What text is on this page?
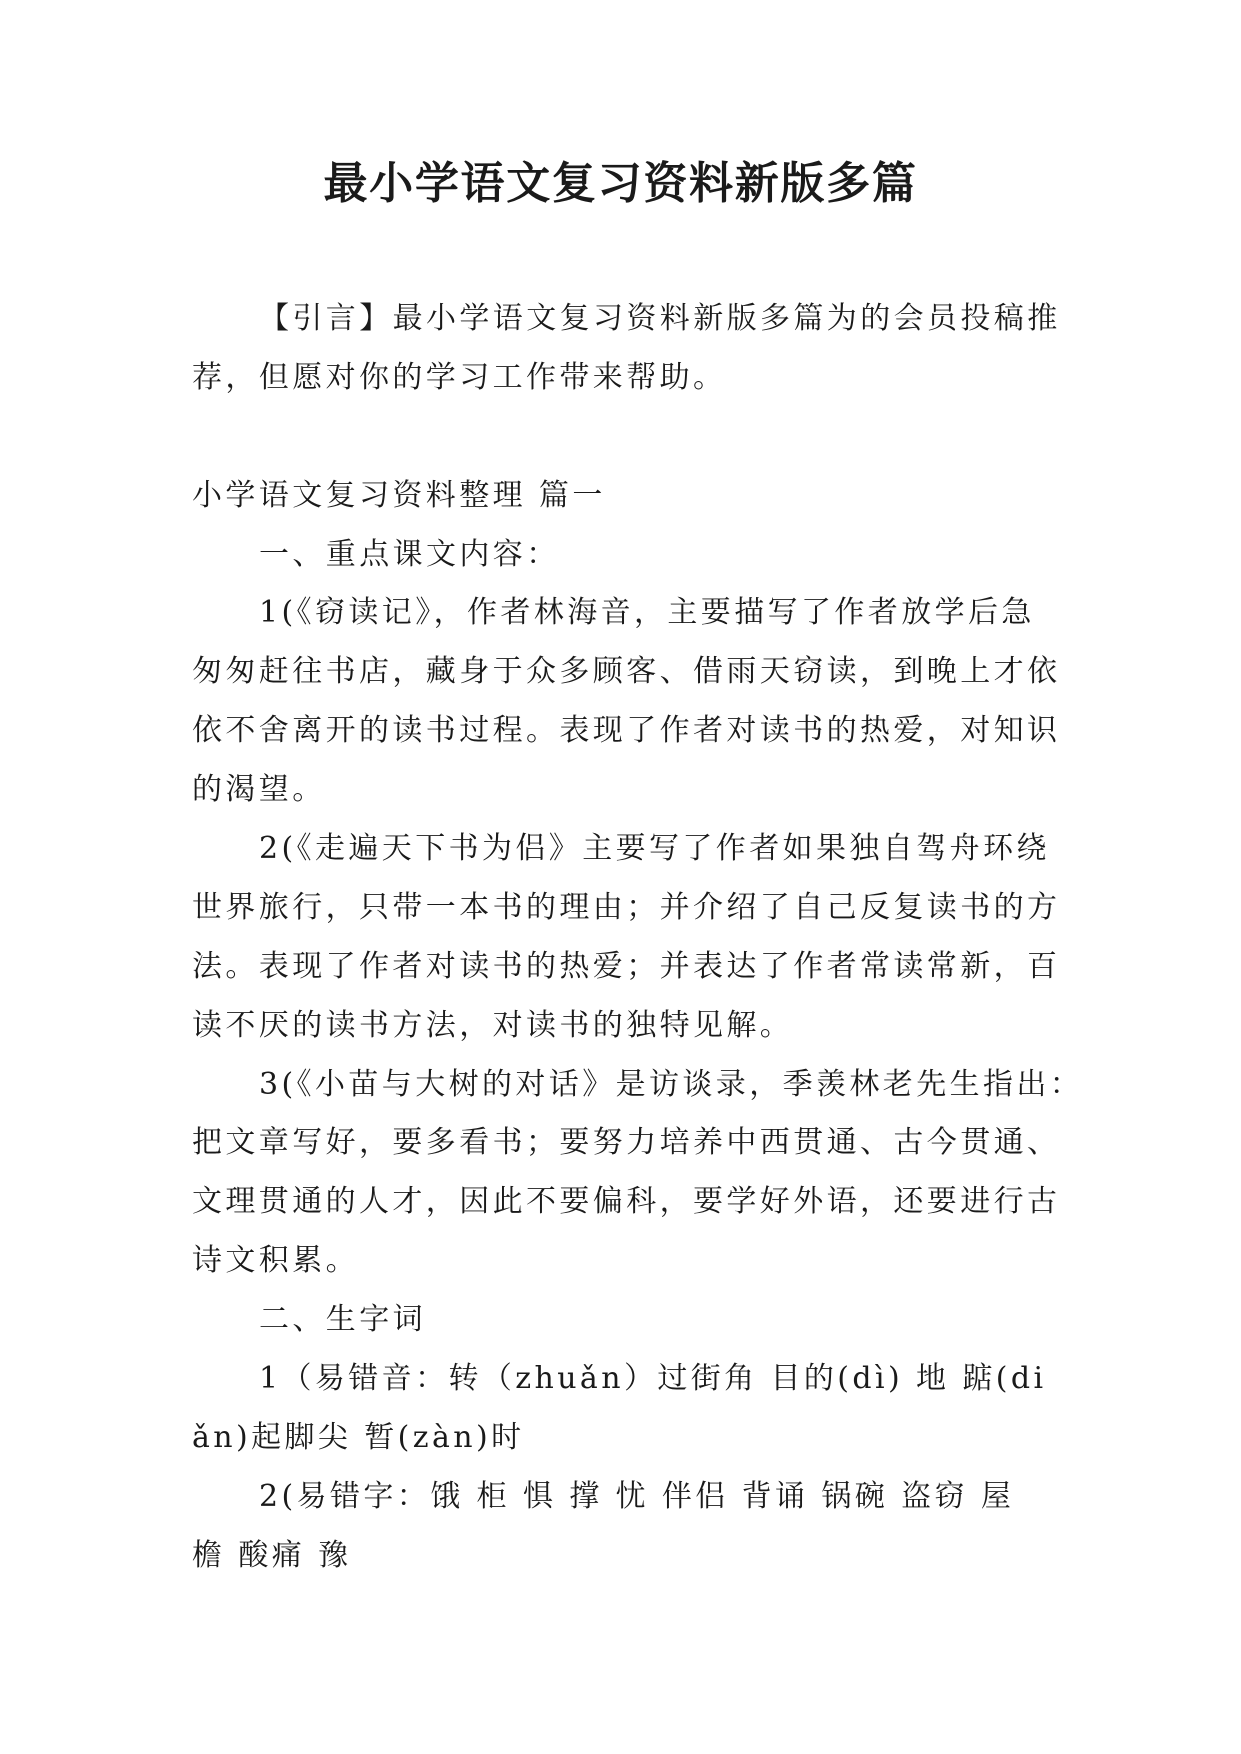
最小学语文复习资料新版多篇
【引言】最小学语文复习资料新版多篇为的会员投稿推
荐，但愿对你的学习工作带来帮助。
小学语文复习资料整理 篇一
一、重点课文内容：
1(《窃读记》，作者林海音，主要描写了作者放学后急
匆匆赶往书店，藏身于众多顾客、借雨天窃读，到晚上才依
依不舍离开的读书过程。表现了作者对读书的热爱，对知识
的渴望。
2(《走遍天下书为侣》主要写了作者如果独自驾舟环绕
世界旅行，只带一本书的理由；并介绍了自己反复读书的方
法。表现了作者对读书的热爱；并表达了作者常读常新，百
读不厌的读书方法，对读书的独特见解。
3(《小苗与大树的对话》是访谈录，季羡林老先生指出：
把文章写好，要多看书；要努力培养中西贯通、古今贯通、
文理贯通的人才，因此不要偏科，要学好外语，还要进行古
诗文积累。
二、生字词
1（易错音：转（zhuǎn）过街角 目的(dì) 地 踮(di
ǎn)起脚尖 暂(zàn)时
2(易错字：饿 柜 惧 撑 忧 伴侣 背诵 锅碗 盗窃 屋
檐 酸痛 豫
